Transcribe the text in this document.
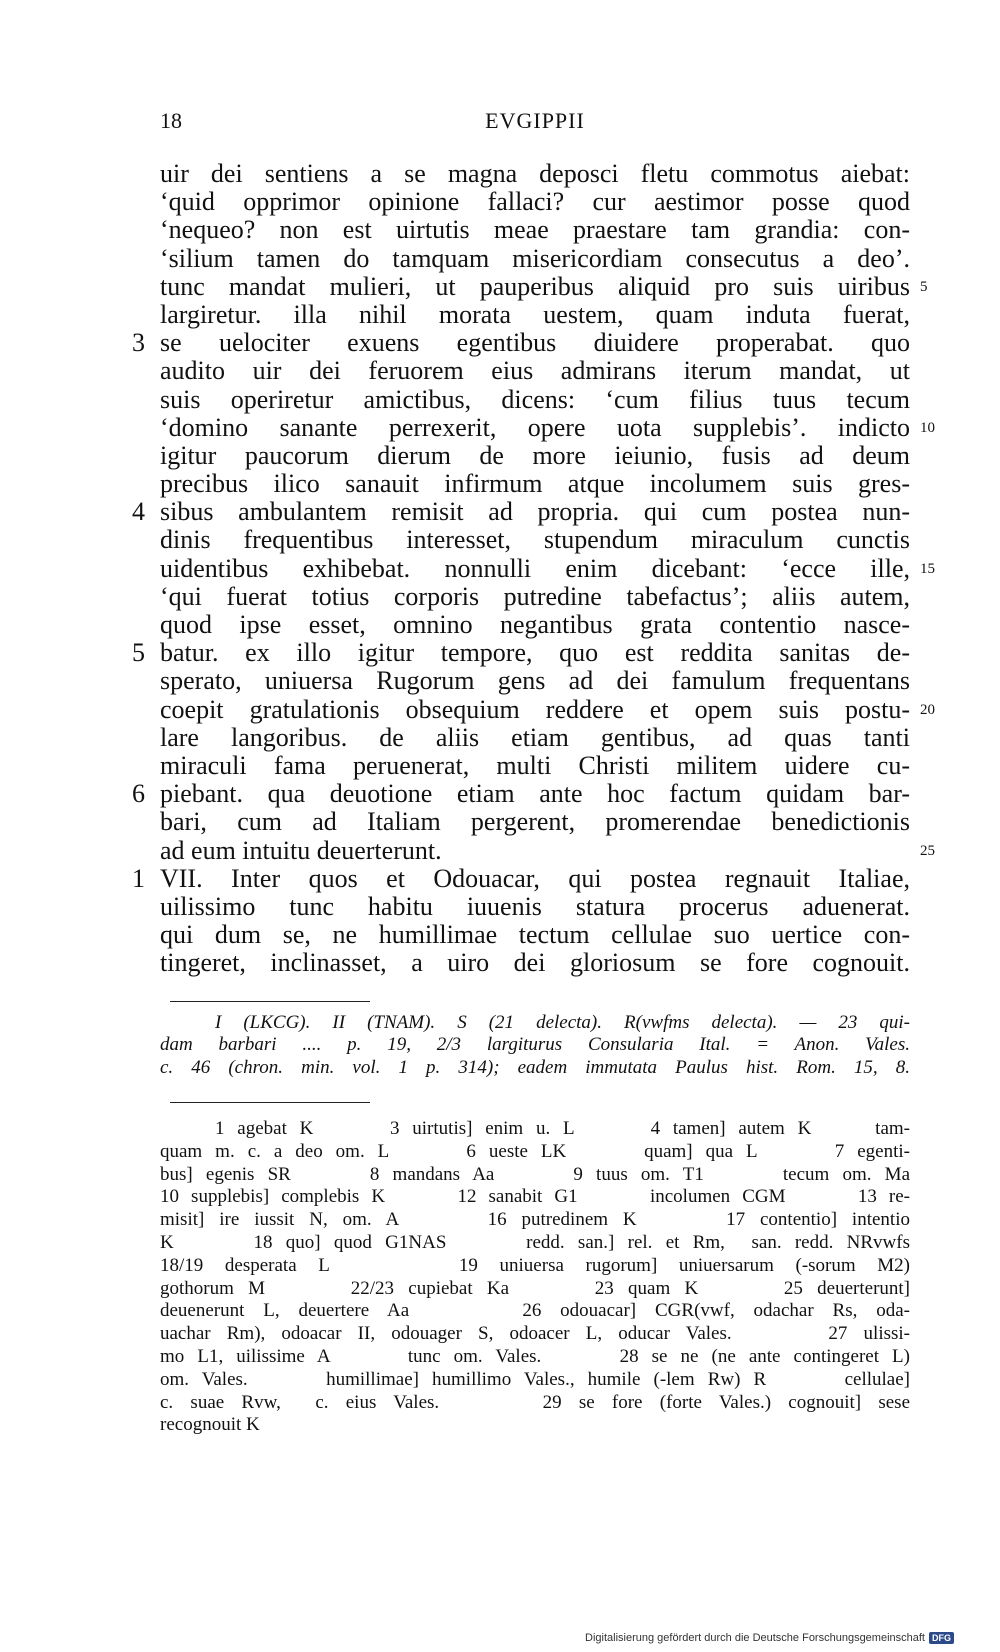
18	EVGIPPII
uir dei sentiens a se magna deposci fletu commotus aiebat:
‘quid opprimor opinione fallaci? cur aestimor posse quod
‘nequeo? non est uirtutis meae praestare tam grandia: con-
‘silium tamen do tamquam misericordiam consecutus a deo’.
tunc mandat mulieri, ut pauperibus aliquid pro suis uiribus 5
largiretur. illa nihil morata uestem, quam induta fuerat,
3 se uelociter exuens egentibus diuidere properabat. quo
audito uir dei feruorem eius admirans iterum mandat, ut
suis operiretur amictibus, dicens: ‘cum filius tuus tecum
‘domino sanante perrexerit, opere uota supplebis’. indicto 10
igitur paucorum dierum de more ieiunio, fusis ad deum
precibus ilico sanauit infirmum atque incolumem suis gres-
4 sibus ambulantem remisit ad propria. qui cum postea nun-
dinis frequentibus interesset, stupendum miraculum cunctis
uidentibus exhibebat. nonnulli enim dicebant: ‘ecce ille, 15
‘qui fuerat totius corporis putredine tabefactus’; aliis autem,
quod ipse esset, omnino negantibus grata contentio nasce-
5 batur. ex illo igitur tempore, quo est reddita sanitas de-
sperato, uniuersa Rugorum gens ad dei famulum frequentans
coepit gratulationis obsequium reddere et opem suis postu- 20
lare langoribus. de aliis etiam gentibus, ad quas tanti
miraculi fama peruenerat, multi Christi militem uidere cu-
6 piebant. qua deuotione etiam ante hoc factum quidam bar-
bari, cum ad Italiam pergerent, promerendae benedictionis
ad eum intuitu deuerterunt.	25
1 VII. Inter quos et Odouacar, qui postea regnauit Italiae,
uilissimo tunc habitu iuuenis statura procerus aduenerat.
qui dum se, ne humillimae tectum cellulae suo uertice con-
tingeret, inclinasset, a uiro dei gloriosum se fore cognouit.
I (LKCG). II (TNAM). S (21 delecta). R(vwfms delecta). — 23 qui-
dam barbari .... p. 19, 2/3 largiturus Consularia Ital. = Anon. Vales.
c. 46 (chron. min. vol. 1 p. 314); eadem immutata Paulus hist. Rom. 15, 8.
1 agebat K      3 uirtutis] enim u. L      4 tamen] autem K     tam-
quam m. c. a deo om. L      6 ueste LK      quam] qua L      7 egenti-
bus] egenis SR      8 mandans Aa      9 tuus om. T1      tecum om. Ma
10 supplebis] complebis K      12 sanabit G1      incolumen CGM      13 re-
misit] ire iussit N, om. A      16 putredinem K      17 contentio] intentio
K      18 quo] quod G1NAS      redd. san.] rel. et Rm,  san. redd. NRvwfs
18/19 desperata L      19 uniuersa rugorum] uniuersarum (-sorum M2)
gothorum M      22/23 cupiebat Ka      23 quam K      25 deuerterunt]
deuenerunt L, deuertere Aa      26 odouacar] CGR(vwf, odachar Rs, oda-
uachar Rm), odoacar II, odouager S, odoacer L, oducar Vales.      27 ulissi-
mo L1, uilissime A      tunc om. Vales.      28 se ne (ne ante contingeret L)
om. Vales.      humillimae] humillimo Vales., humile (-lem Rw) R      cellulae]
c. suae Rvw,  c. eius Vales.      29 se fore (forte Vales.) cognouit] sese
recognouit K
Digitalisierung gefördert durch die Deutsche Forschungsgemeinschaft DFG
